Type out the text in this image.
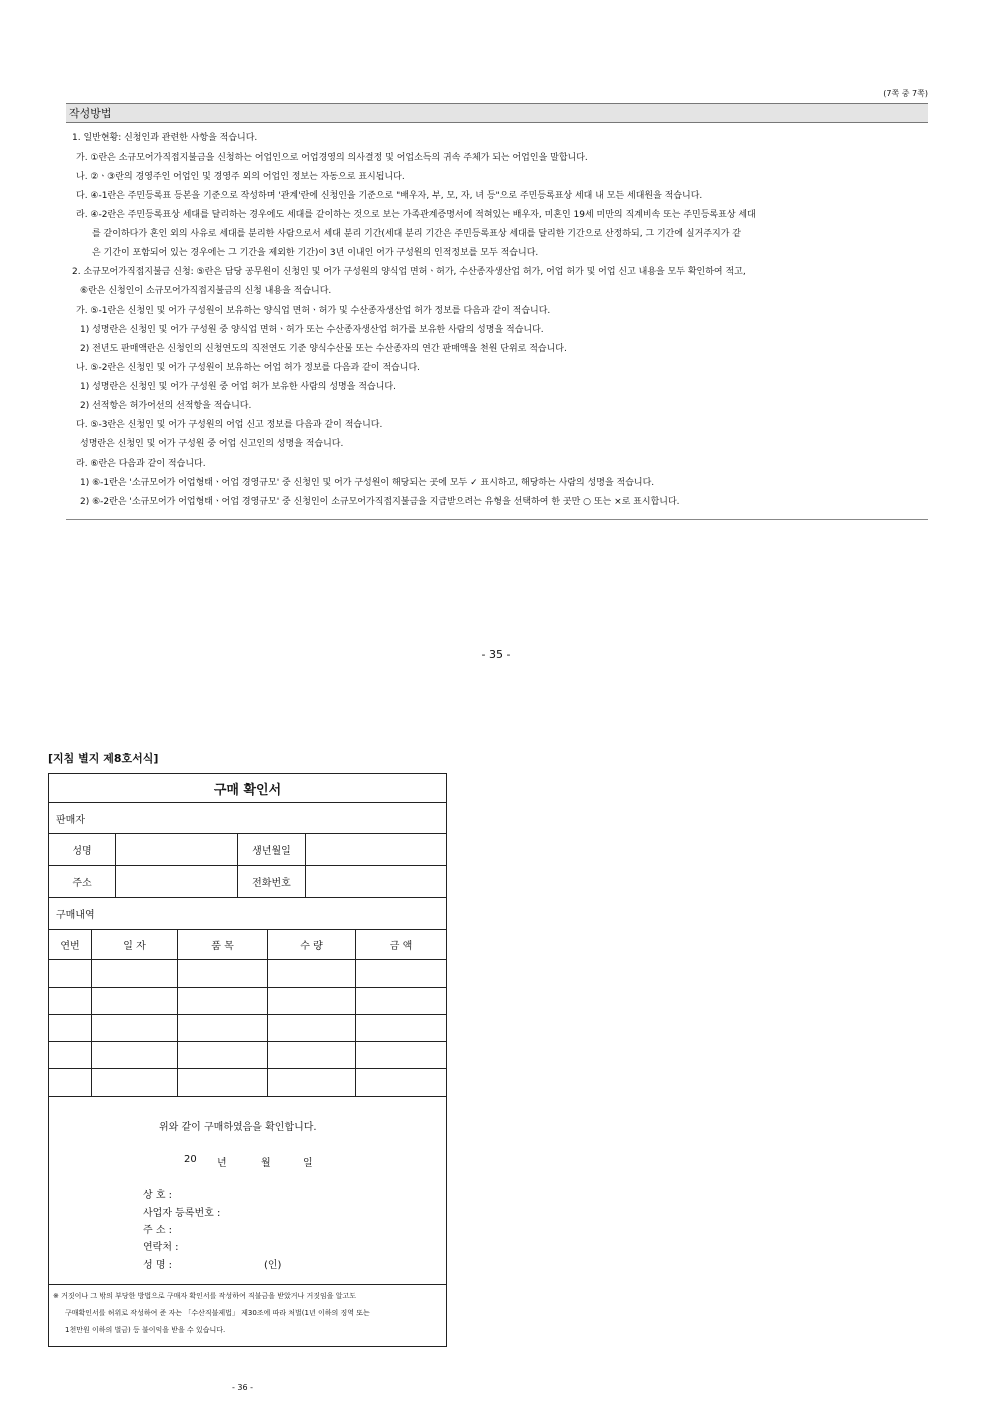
(7쪽 중 7쪽)
작성방법
1. 일반현황: 신청인과 관련한 사항을 적습니다.
가. ①란은 소규모어가직접지불금을 신청하는 어업인으로 어업경영의 의사결정 및 어업소득의 귀속 주체가 되는 어업인을 말합니다.
나. ②ㆍ③란의 경영주인 어업인 및 경영주 외의 어업인 정보는 자동으로 표시됩니다.
다. ④-1란은 주민등록표 등본을 기준으로 작성하며 '관계'란에 신청인을 기준으로 "배우자, 부, 모, 자, 녀 등"으로 주민등록표상 세대 내 모든 세대원을 적습니다.
라. ④-2란은 주민등록표상 세대를 달리하는 경우에도 세대를 같이하는 것으로 보는 가족관계증명서에 적혀있는 배우자, 미혼인 19세 미만의 직계비속 또는 주민등록표상 세대
를 같이하다가 혼인 외의 사유로 세대를 분리한 사람으로서 세대 분리 기간(세대 분리 기간은 주민등록표상 세대를 달리한 기간으로 산정하되, 그 기간에 실거주지가 같
은 기간이 포함되어 있는 경우에는 그 기간을 제외한 기간)이 3년 이내인 어가 구성원의 인적정보를 모두 적습니다.
2. 소규모어가직접지불금 신청: ⑤란은 담당 공무원이 신청인 및 어가 구성원의 양식업 면허ㆍ허가, 수산종자생산업 허가, 어업 허가 및 어업 신고 내용을 모두 확인하여 적고,
⑥란은 신청인이 소규모어가직접지불금의 신청 내용을 적습니다.
가. ⑤-1란은 신청인 및 어가 구성원이 보유하는 양식업 면허ㆍ허가 및 수산종자생산업 허가 정보를 다음과 같이 적습니다.
1) 성명란은 신청인 및 어가 구성원 중 양식업 면허ㆍ허가 또는 수산종자생산업 허가를 보유한 사람의 성명을 적습니다.
2) 전년도 판매액란은 신청인의 신청연도의 직전연도 기준 양식수산물 또는 수산종자의 연간 판매액을 천원 단위로 적습니다.
나. ⑤-2란은 신청인 및 어가 구성원이 보유하는 어업 허가 정보를 다음과 같이 적습니다.
1) 성명란은 신청인 및 어가 구성원 중 어업 허가 보유한 사람의 성명을 적습니다.
2) 선적항은 허가어선의 선적항을 적습니다.
다. ⑤-3란은 신청인 및 어가 구성원의 어업 신고 정보를 다음과 같이 적습니다.
성명란은 신청인 및 어가 구성원 중 어업 신고인의 성명을 적습니다.
라. ⑥란은 다음과 같이 적습니다.
1) ⑥-1란은 '소규모어가 어업형태ㆍ어업 경영규모' 중 신청인 및 어가 구성원이 해당되는 곳에 모두 ✓ 표시하고, 해당하는 사람의 성명을 적습니다.
2) ⑥-2란은 '소규모어가 어업형태ㆍ어업 경영규모' 중 신청인이 소규모어가직접지불금을 지급받으려는 유형을 선택하여 한 곳만 ○ 또는 ×로 표시합니다.
- 35 -
[지침 별지 제8호서식]
구매 확인서
판매자
성명	생년월일
주소	전화번호
구매내역
연번	일 자	품 목	수 량	금 액
위와 같이 구매하였음을 확인합니다.
20 년	월	일
상 호 :
사업자 등록번호 :
주 소 :
연락처 :
성 명 :	(인)
※ 거짓이나 그 밖의 부당한 방법으로 구매자 확인서를 작성하여 직불금을 받았거나 거짓임을 알고도
구매확인서를 허위로 작성하여 준 자는 「수산직불제법」 제30조에 따라 처벌(1년 이하의 징역 또는
1천만원 이하의 벌금) 등 불이익을 받을 수 있습니다.
- 36 -
